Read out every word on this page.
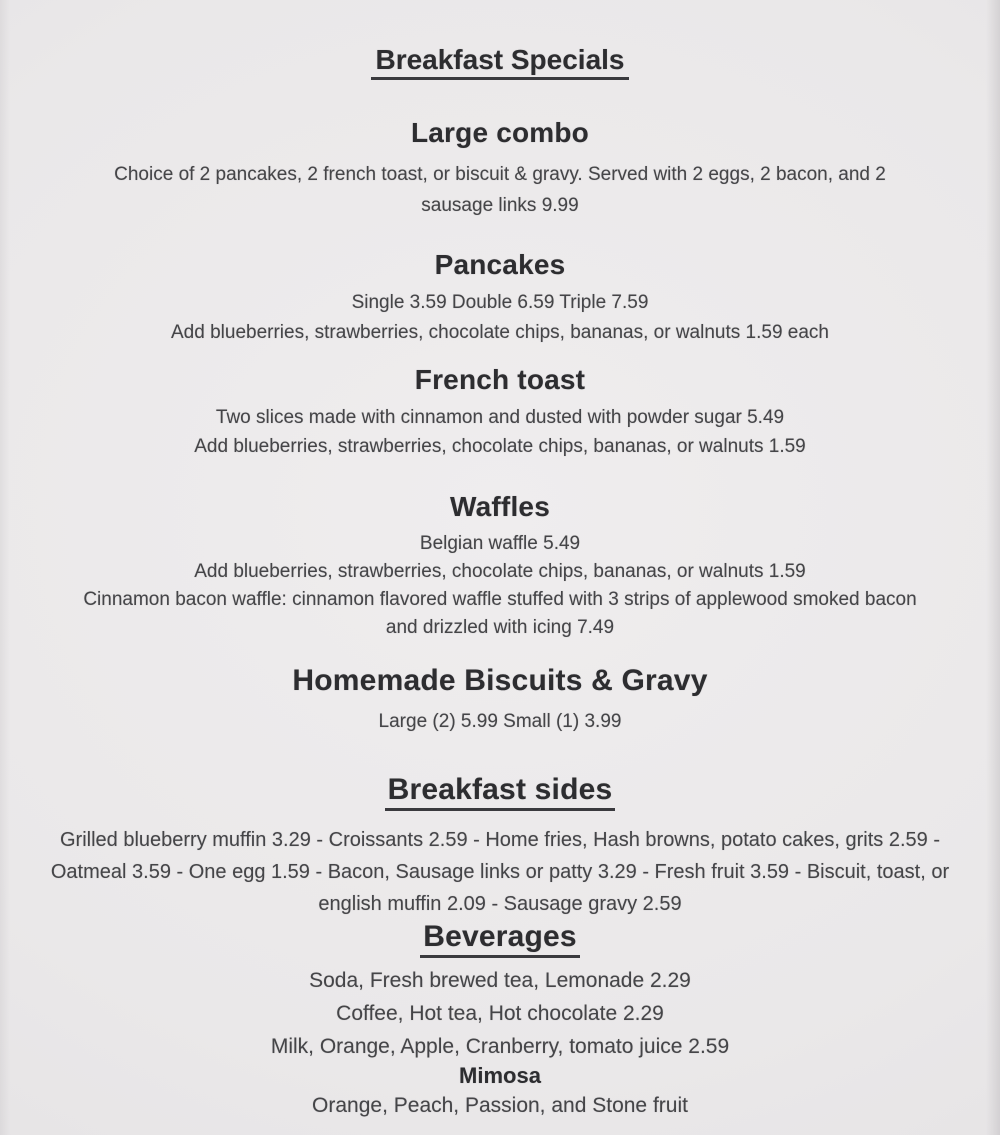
Breakfast Specials
Large combo

Choice of 2 pancakes, 2 french toast, or biscuit & gravy. Served with 2 eggs, 2 bacon, and 2

sausage links 9.99

Pancakes

Single 3.59 Double 6.59 Triple 7.59

Add blueberries, strawberries, chocolate chips, bananas, or walnuts 1.59 each

French toast

Two slices made with cinnamon and dusted with powder sugar 5.49

Add blueberries, strawberries, chocolate chips, bananas, or walnuts 1.59

Waffles

Belgian waffle 5.49

Add blueberries, strawberries, chocolate chips, bananas, or walnuts 1.59

Cinnamon bacon waffle: cinnamon flavored waffle stuffed with 3 strips of applewood smoked bacon

and drizzled with icing 7.49

Homemade Biscuits & Gravy

Large (2) 5.99 Small (1) 3.99

Breakfast sides

Grilled blueberry muffin 3.29 - Croissants 2.59 - Home fries, Hash browns, potato cakes, grits 2.59 -

Oatmeal 3.59 - One egg 1.59 - Bacon, Sausage links or patty 3.29 - Fresh fruit 3.59 - Biscuit, toast, or

english muffin 2.09 - Sausage gravy 2.59

Beverages

Soda, Fresh brewed tea, Lemonade 2.29

Coffee, Hot tea, Hot chocolate 2.29

Milk, Orange, Apple, Cranberry, tomato juice 2.59

Mimosa

Orange, Peach, Passion, and Stone fruit
